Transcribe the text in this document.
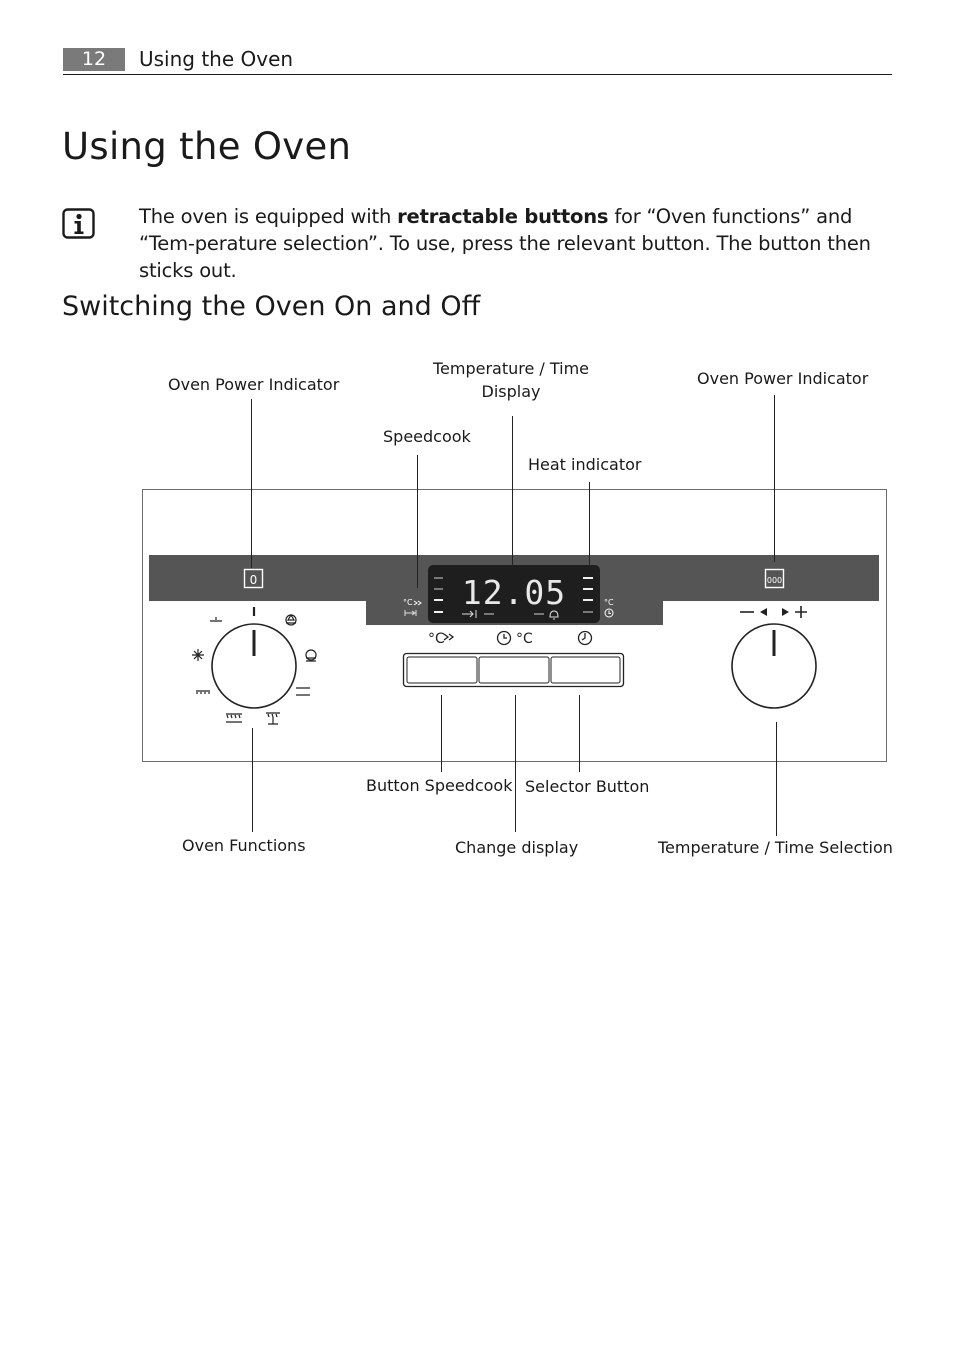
12	Using the Oven
Using the Oven

The oven is equipped with retractable buttons for “Oven functions” and “Tem-perature selection”. To use, press the relevant button. The button then sticks out.

Switching the Oven On and Off
0	000
°C 12.05	°C
°C	°C
Oven Power Indicator
Temperature / Time
Display
Oven Power Indicator
Speedcook
Heat indicator
Button Speedcook Selector Button
Oven Functions	Change display	Temperature / Time Selection
